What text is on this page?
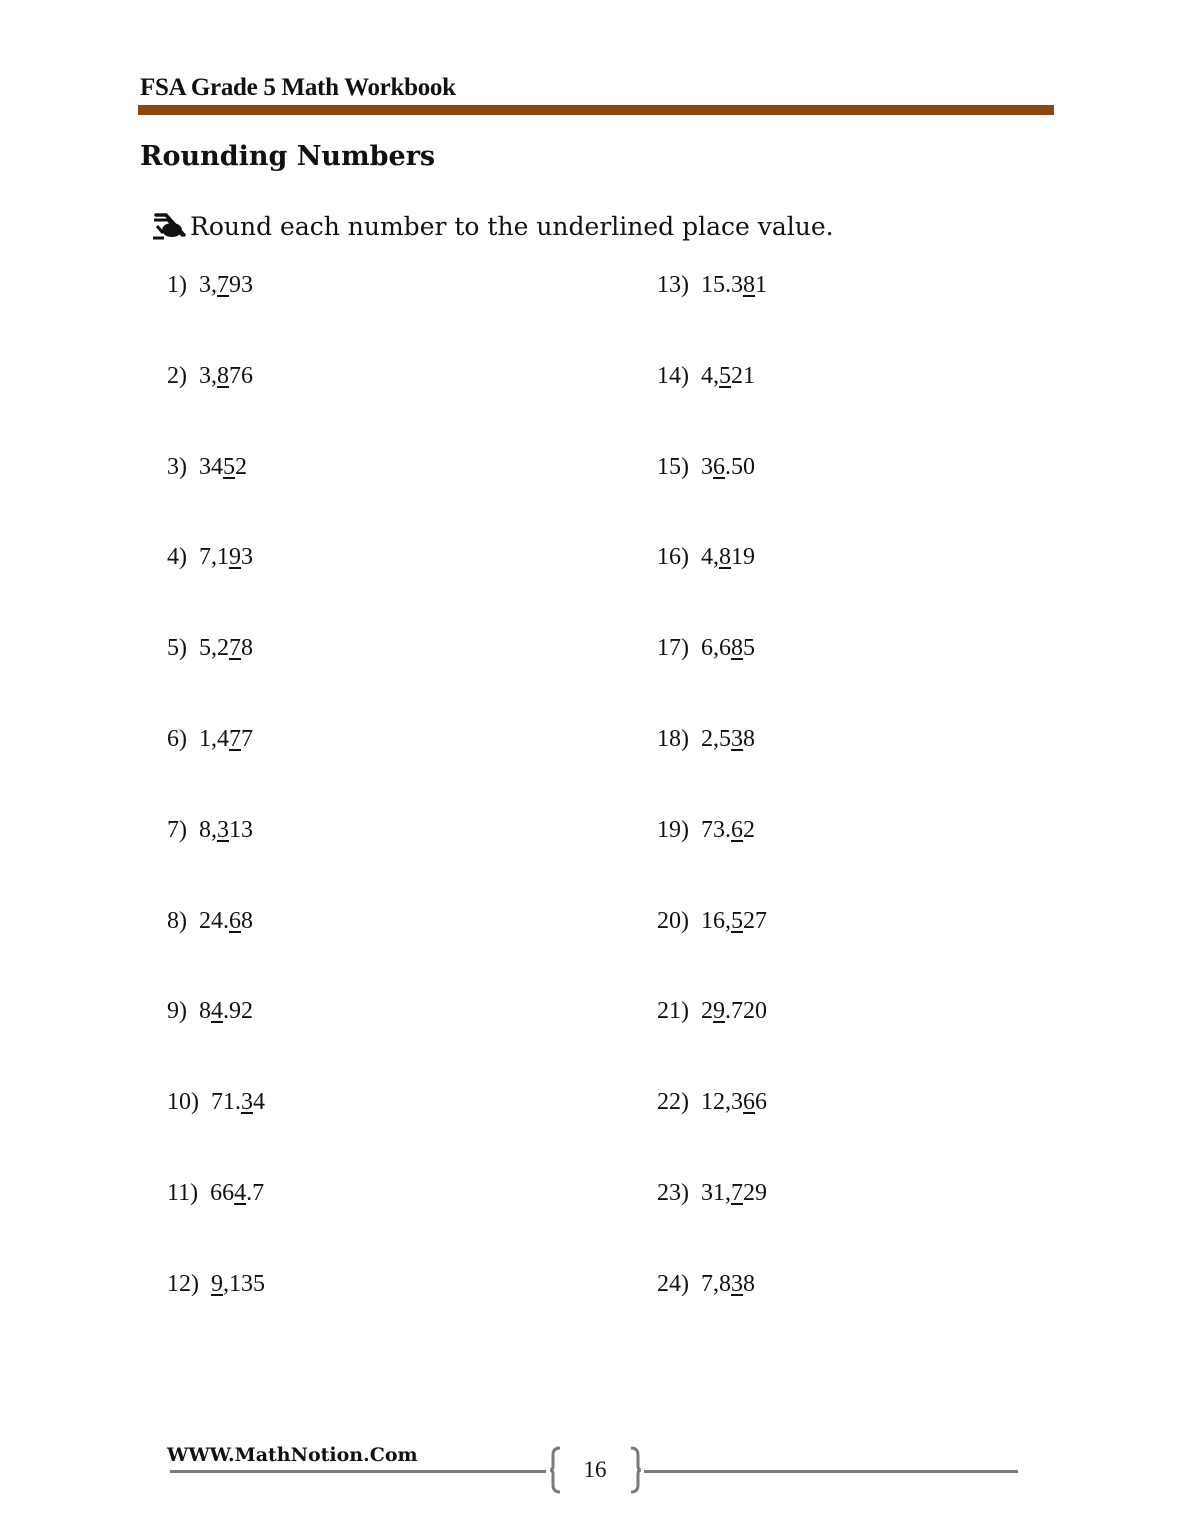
FSA Grade 5 Math Workbook
Rounding Numbers
Round each number to the underlined place value.
1) 3,793
2) 3,876
3) 3452
4) 7,193
5) 5,278
6) 1,477
7) 8,313
8) 24.68
9) 84.92
10) 71.34
11) 664.7
12) 9,135
13) 15.381
14) 4,521
15) 36.50
16) 4,819
17) 6,685
18) 2,538
19) 73.62
20) 16,527
21) 29.720
22) 12,366
23) 31,729
24) 7,838
WWW.MathNotion.Com
16
